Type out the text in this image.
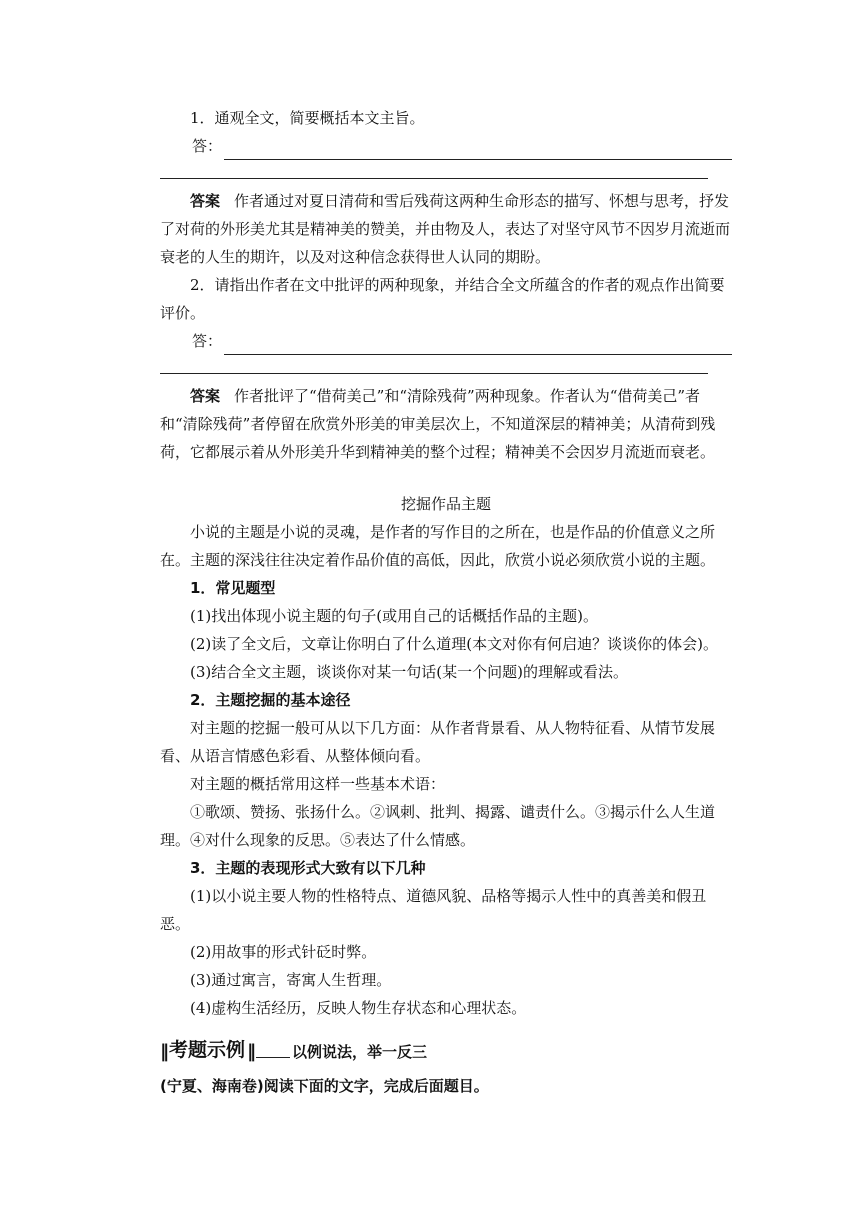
1．通观全文，简要概括本文主旨。

答：

答案 作者通过对夏日清荷和雪后残荷这两种生命形态的描写、怀想与思考，抒发了对荷的外形美尤其是精神美的赞美，并由物及人，表达了对坚守风节不因岁月流逝而衰老的人生的期许，以及对这种信念获得世人认同的期盼。

2．请指出作者在文中批评的两种现象，并结合全文所蕴含的作者的观点作出简要评价。

答：

答案 作者批评了“借荷美己”和“清除残荷”两种现象。作者认为“借荷美己”者和“清除残荷”者停留在欣赏外形美的审美层次上，不知道深层的精神美；从清荷到残荷，它都展示着从外形美升华到精神美的整个过程；精神美不会因岁月流逝而衰老。

挖掘作品主题

小说的主题是小说的灵魂，是作者的写作目的之所在，也是作品的价值意义之所在。主题的深浅往往决定着作品价值的高低，因此，欣赏小说必须欣赏小说的主题。

1．常见题型

(1)找出体现小说主题的句子(或用自己的话概括作品的主题)。

(2)读了全文后，文章让你明白了什么道理(本文对你有何启迪？谈谈你的体会)。

(3)结合全文主题，谈谈你对某一句话(某一个问题)的理解或看法。

2．主题挖掘的基本途径

对主题的挖掘一般可从以下几方面：从作者背景看、从人物特征看、从情节发展看、从语言情感色彩看、从整体倾向看。

对主题的概括常用这样一些基本术语：

①歌颂、赞扬、张扬什么。②讽刺、批判、揭露、谴责什么。③揭示什么人生道理。④对什么现象的反思。⑤表达了什么情感。

3．主题的表现形式大致有以下几种

(1)以小说主要人物的性格特点、道德风貌、品格等揭示人性中的真善美和假丑恶。

(2)用故事的形式针砭时弊。

(3)通过寓言，寄寓人生哲理。

(4)虚构生活经历，反映人物生存状态和心理状态。

‖ 考题示例 ‖	以例说法，举一反三

(宁夏、海南卷)阅读下面的文字，完成后面题目。
